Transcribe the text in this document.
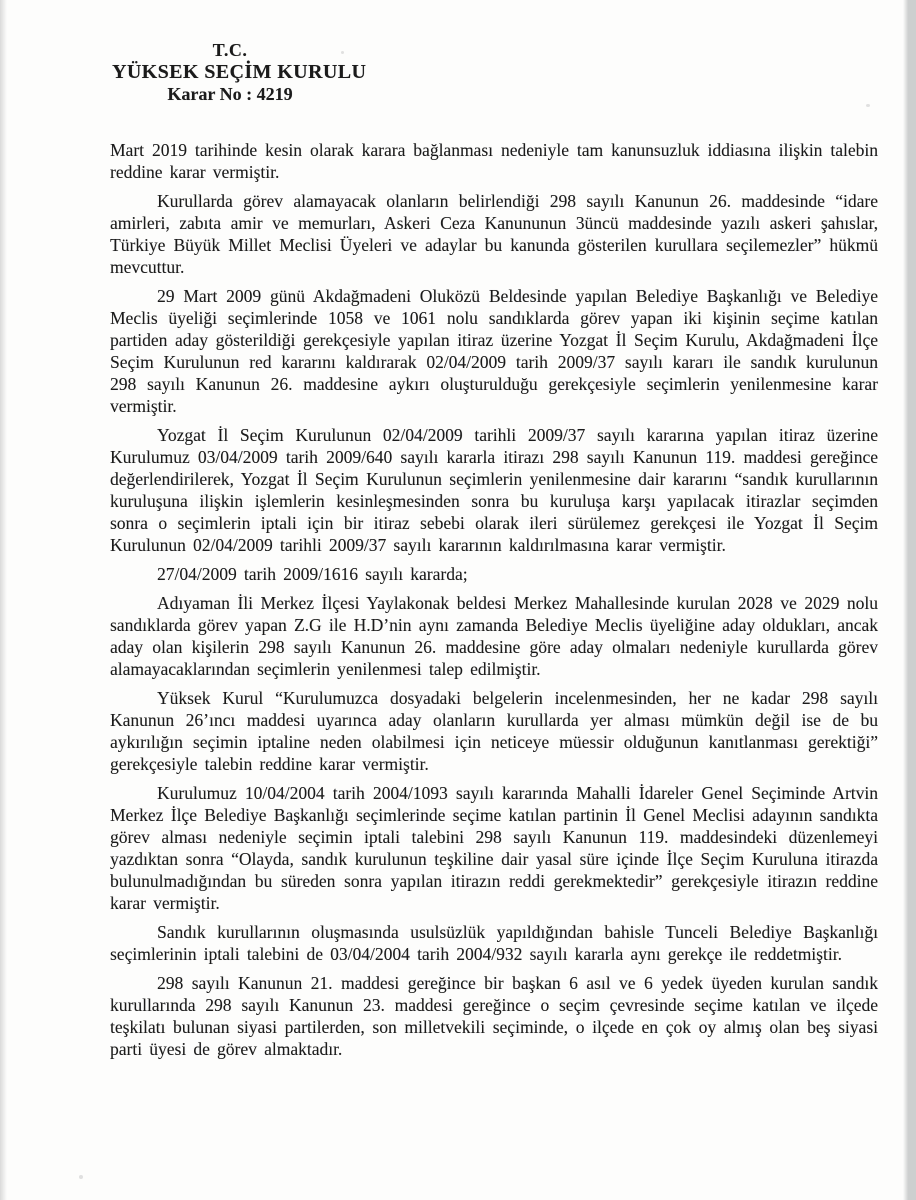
T.C.
YÜKSEK SEÇİM KURULU
Karar No : 4219

Mart 2019 tarihinde kesin olarak karara bağlanması nedeniyle tam kanunsuzluk iddiasına ilişkin talebin reddine karar vermiştir.

Kurullarda görev alamayacak olanların belirlendiği 298 sayılı Kanunun 26. maddesinde “idare amirleri, zabıta amir ve memurları, Askeri Ceza Kanununun 3üncü maddesinde yazılı askeri şahıslar, Türkiye Büyük Millet Meclisi Üyeleri ve adaylar bu kanunda gösterilen kurullara seçilemezler” hükmü mevcuttur.

29 Mart 2009 günü Akdağmadeni Oluközü Beldesinde yapılan Belediye Başkanlığı ve Belediye Meclis üyeliği seçimlerinde 1058 ve 1061 nolu sandıklarda görev yapan iki kişinin seçime katılan partiden aday gösterildiği gerekçesiyle yapılan itiraz üzerine Yozgat İl Seçim Kurulu, Akdağmadeni İlçe Seçim Kurulunun red kararını kaldırarak 02/04/2009 tarih 2009/37 sayılı kararı ile sandık kurulunun 298 sayılı Kanunun 26. maddesine aykırı oluşturulduğu gerekçesiyle seçimlerin yenilenmesine karar vermiştir.

Yozgat İl Seçim Kurulunun 02/04/2009 tarihli 2009/37 sayılı kararına yapılan itiraz üzerine Kurulumuz 03/04/2009 tarih 2009/640 sayılı kararla itirazı 298 sayılı Kanunun 119. maddesi gereğince değerlendirilerek, Yozgat İl Seçim Kurulunun seçimlerin yenilenmesine dair kararını “sandık kurullarının kuruluşuna ilişkin işlemlerin kesinleşmesinden sonra bu kuruluşa karşı yapılacak itirazlar seçimden sonra o seçimlerin iptali için bir itiraz sebebi olarak ileri sürülemez gerekçesi ile Yozgat İl Seçim Kurulunun 02/04/2009 tarihli 2009/37 sayılı kararının kaldırılmasına karar vermiştir.

27/04/2009 tarih 2009/1616 sayılı kararda;

Adıyaman İli Merkez İlçesi Yaylakonak beldesi Merkez Mahallesinde kurulan 2028 ve 2029 nolu sandıklarda görev yapan Z.G ile H.D’nin aynı zamanda Belediye Meclis üyeliğine aday oldukları, ancak aday olan kişilerin 298 sayılı Kanunun 26. maddesine göre aday olmaları nedeniyle kurullarda görev alamayacaklarından seçimlerin yenilenmesi talep edilmiştir.

Yüksek Kurul “Kurulumuzca dosyadaki belgelerin incelenmesinden, her ne kadar 298 sayılı Kanunun 26’ıncı maddesi uyarınca aday olanların kurullarda yer alması mümkün değil ise de bu aykırılığın seçimin iptaline neden olabilmesi için neticeye müessir olduğunun kanıtlanması gerektiği” gerekçesiyle talebin reddine karar vermiştir.

Kurulumuz 10/04/2004 tarih 2004/1093 sayılı kararında Mahalli İdareler Genel Seçiminde Artvin Merkez İlçe Belediye Başkanlığı seçimlerinde seçime katılan partinin İl Genel Meclisi adayının sandıkta görev alması nedeniyle seçimin iptali talebini 298 sayılı Kanunun 119. maddesindeki düzenlemeyi yazdıktan sonra “Olayda, sandık kurulunun teşkiline dair yasal süre içinde İlçe Seçim Kuruluna itirazda bulunulmadığından bu süreden sonra yapılan itirazın reddi gerekmektedir” gerekçesiyle itirazın reddine karar vermiştir.

Sandık kurullarının oluşmasında usulsüzlük yapıldığından bahisle Tunceli Belediye Başkanlığı seçimlerinin iptali talebini de 03/04/2004 tarih 2004/932 sayılı kararla aynı gerekçe ile reddetmiştir.

298 sayılı Kanunun 21. maddesi gereğince bir başkan 6 asıl ve 6 yedek üyeden kurulan sandık kurullarında 298 sayılı Kanunun 23. maddesi gereğince o seçim çevresinde seçime katılan ve ilçede teşkilatı bulunan siyasi partilerden, son milletvekili seçiminde, o ilçede en çok oy almış olan beş siyasi parti üyesi de görev almaktadır.
